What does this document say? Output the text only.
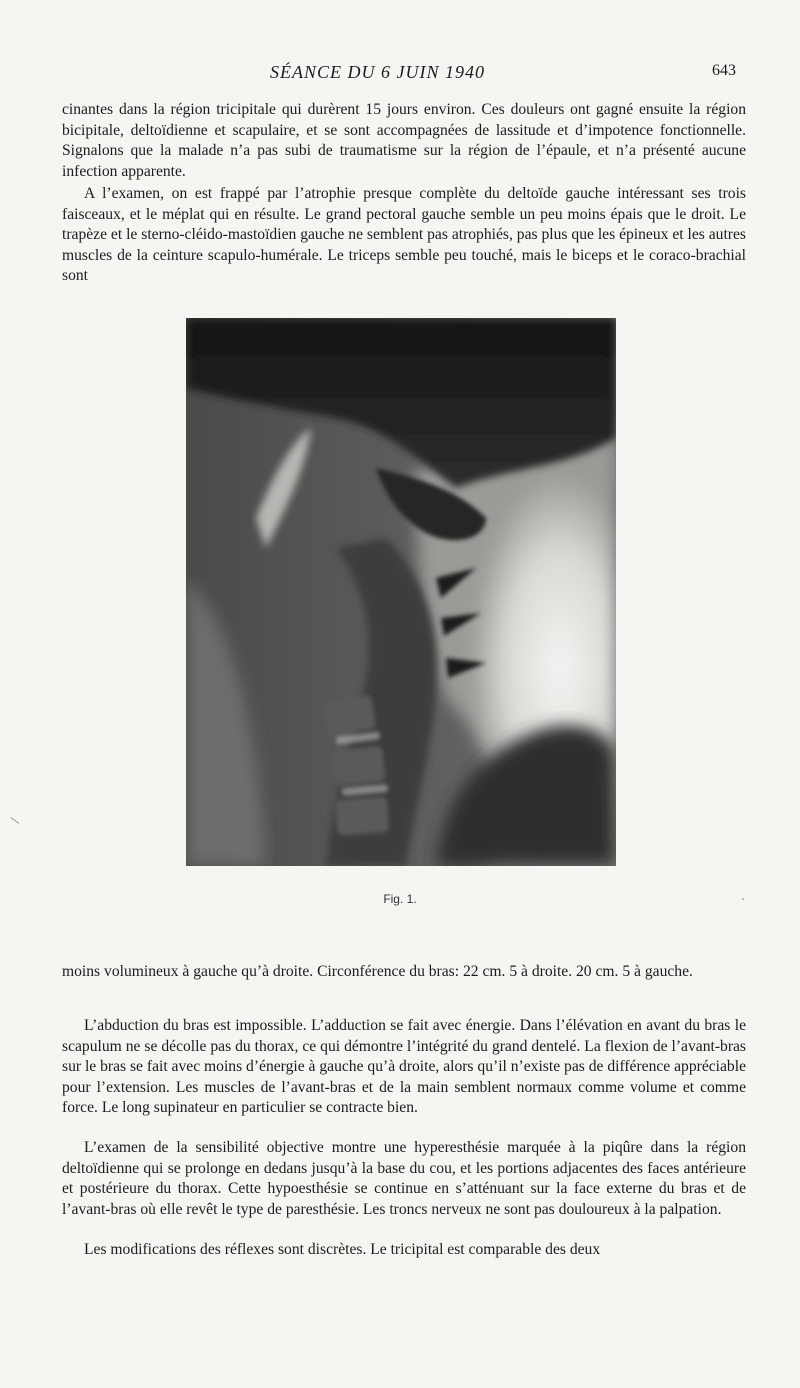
SÉANCE DU 6 JUIN 1940	643

cinantes dans la région tricipitale qui durèrent 15 jours environ. Ces douleurs ont gagné ensuite la région bicipitale, deltoïdienne et scapulaire, et se sont accompagnées de lassitude et d’impotence fonctionnelle. Signalons que la malade n’a pas subi de traumatisme sur la région de l’épaule, et n’a présenté aucune infection apparente.

A l’examen, on est frappé par l’atrophie presque complète du deltoïde gauche intéressant ses trois faisceaux, et le méplat qui en résulte. Le grand pectoral gauche semble un peu moins épais que le droit. Le trapèze et le sterno-cléido-mastoïdien gauche ne semblent pas atrophiés, pas plus que les épineux et les autres muscles de la ceinture scapulo-humérale. Le triceps semble peu touché, mais le biceps et le coraco-brachial sont

Fig. 1.

moins volumineux à gauche qu’à droite. Circonférence du bras: 22 cm. 5 à droite. 20 cm. 5 à gauche.

L’abduction du bras est impossible. L’adduction se fait avec énergie. Dans l’élévation en avant du bras le scapulum ne se décolle pas du thorax, ce qui démontre l’intégrité du grand dentelé. La flexion de l’avant-bras sur le bras se fait avec moins d’énergie à gauche qu’à droite, alors qu’il n’existe pas de différence appréciable pour l’extension. Les muscles de l’avant-bras et de la main semblent normaux comme volume et comme force. Le long supinateur en particulier se contracte bien.

L’examen de la sensibilité objective montre une hyperesthésie marquée à la piqûre dans la région deltoïdienne qui se prolonge en dedans jusqu’à la base du cou, et les portions adjacentes des faces antérieure et postérieure du thorax. Cette hypoesthésie se continue en s’atténuant sur la face externe du bras et de l’avant-bras où elle revêt le type de paresthésie. Les troncs nerveux ne sont pas douloureux à la palpation.

Les modifications des réflexes sont discrètes. Le tricipital est comparable des deux
